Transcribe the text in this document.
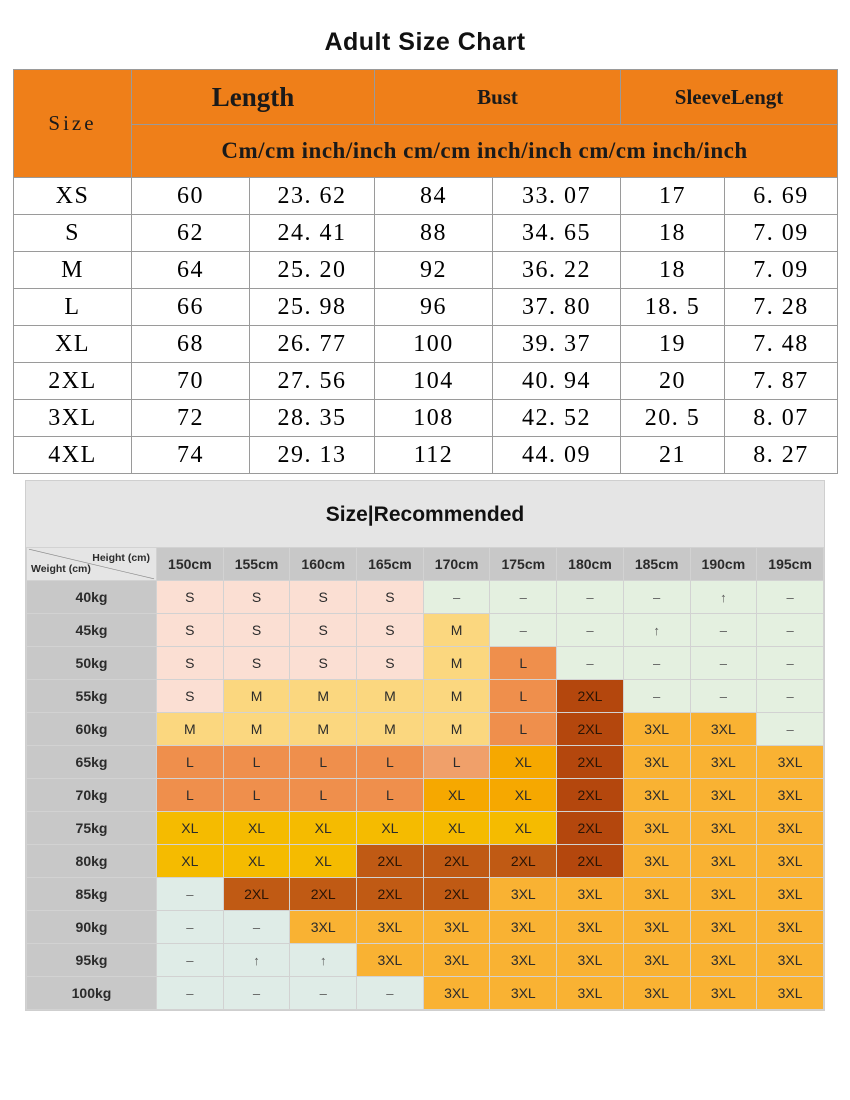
Adult Size Chart
Size	Length		Bust		SleeveLengt	
	Cm/cm inch/inch cm/cm inch/inch cm/cm inch/inch					
XS	60	23. 62	84	33. 07	17	6. 69
S	62	24. 41	88	34. 65	18	7. 09
M	64	25. 20	92	36. 22	18	7. 09
L	66	25. 98	96	37. 80	18. 5	7. 28
XL	68	26. 77	100	39. 37	19	7. 48
2XL	70	27. 56	104	40. 94	20	7. 87
3XL	72	28. 35	108	42. 52	20. 5	8. 07
4XL	74	29. 13	112	44. 09	21	8. 27
Size|Recommended
Height (cm)
Weight (cm)	150cm	155cm	160cm	165cm	170cm	175cm	180cm	185cm	190cm	195cm
40kg	S	S	S	S	–	–	–	–	↑	–
45kg	S	S	S	S	M	–	–	↑	–	–
50kg	S	S	S	S	M	L	–	–	–	–
55kg	S	M	M	M	M	L	2XL	–	–	–
60kg	M	M	M	M	M	L	2XL	3XL	3XL	–
65kg	L	L	L	L	L	XL	2XL	3XL	3XL	3XL
70kg	L	L	L	L	XL	XL	2XL	3XL	3XL	3XL
75kg	XL	XL	XL	XL	XL	XL	2XL	3XL	3XL	3XL
80kg	XL	XL	XL	2XL	2XL	2XL	2XL	3XL	3XL	3XL
85kg	–	2XL	2XL	2XL	2XL	3XL	3XL	3XL	3XL	3XL
90kg	–	–	3XL	3XL	3XL	3XL	3XL	3XL	3XL	3XL
95kg	–	↑	↑	3XL	3XL	3XL	3XL	3XL	3XL	3XL
100kg	–	–	–	–	3XL	3XL	3XL	3XL	3XL	3XL
